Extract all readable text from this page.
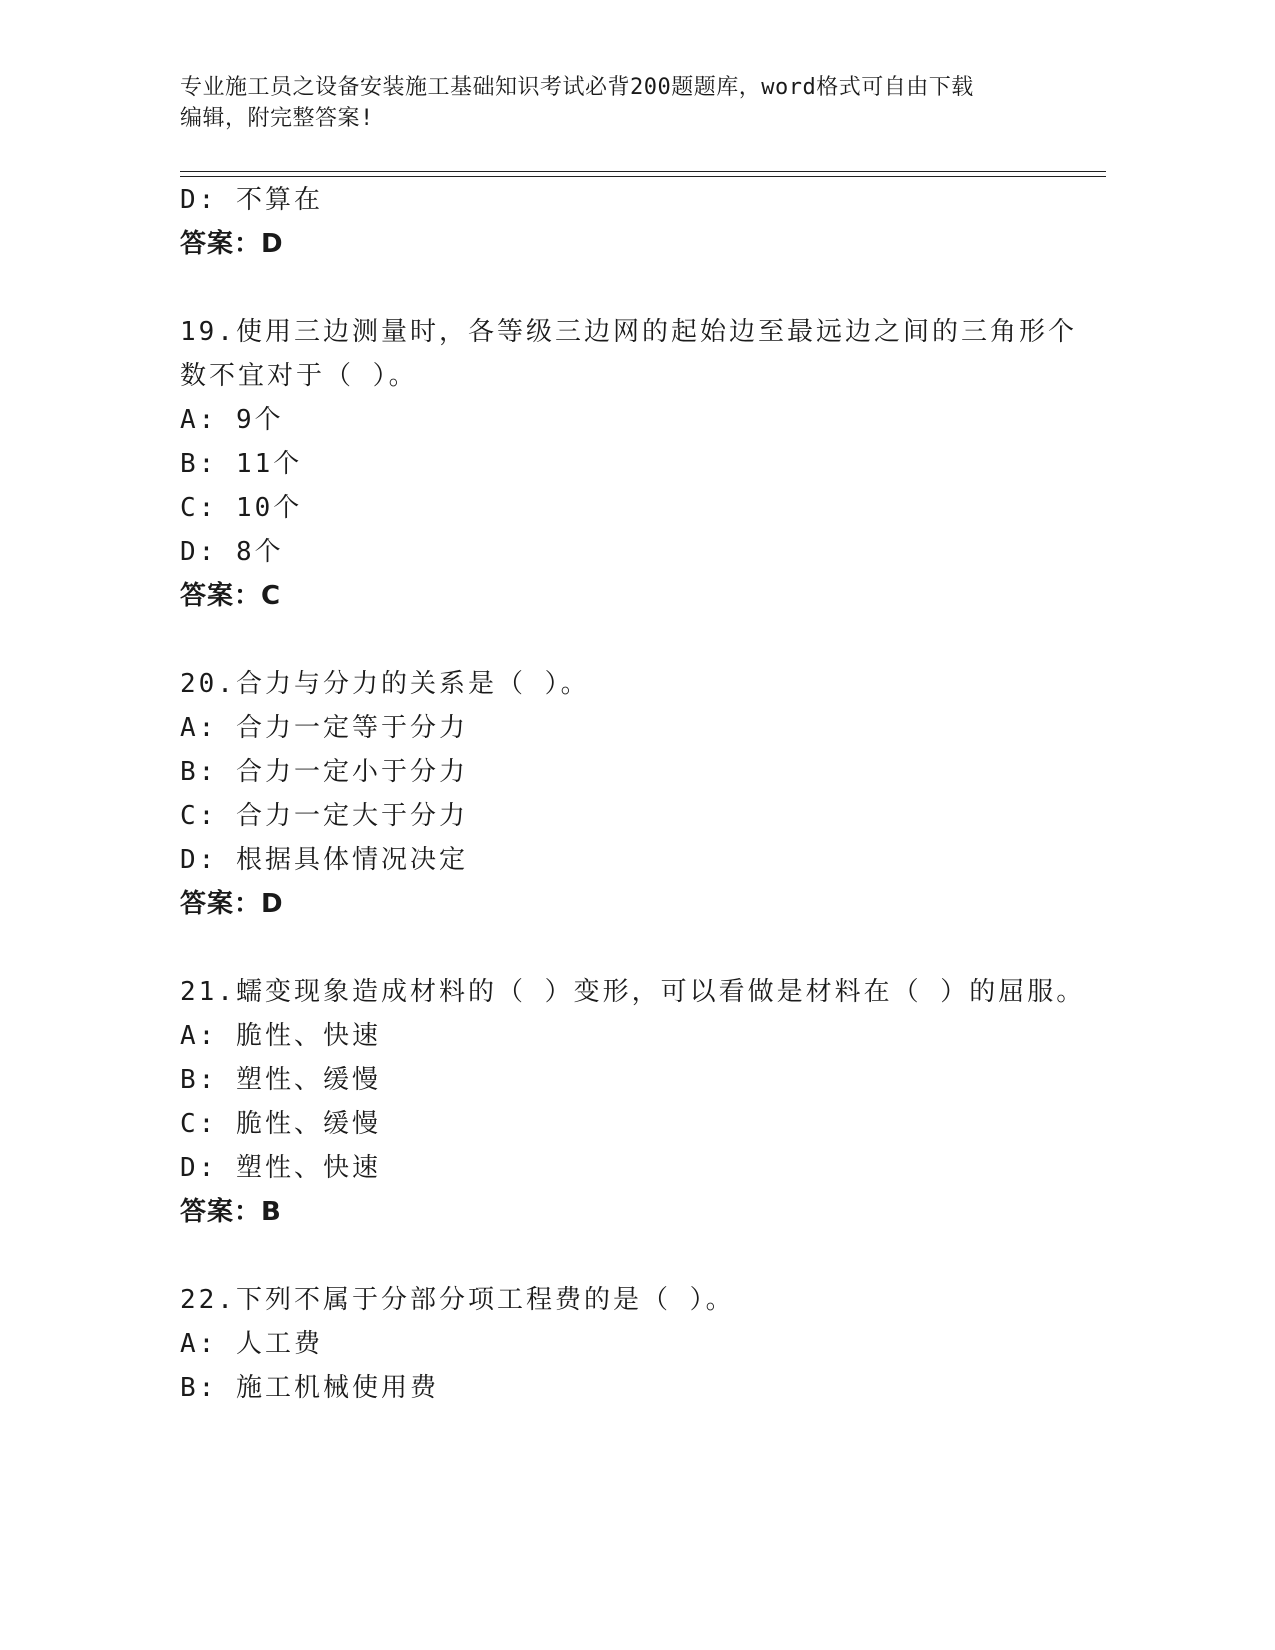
专业施工员之设备安装施工基础知识考试必背200题题库，word格式可自由下载
编辑，附完整答案!
D: 不算在
答案：D
19.使用三边测量时，各等级三边网的起始边至最远边之间的三角形个
数不宜对于（ ）。
A: 9个
B: 11个
C: 10个
D: 8个
答案：C
20.合力与分力的关系是（ ）。
A: 合力一定等于分力
B: 合力一定小于分力
C: 合力一定大于分力
D: 根据具体情况决定
答案：D
21.蠕变现象造成材料的（ ）变形，可以看做是材料在（ ）的屈服。
A: 脆性、快速
B: 塑性、缓慢
C: 脆性、缓慢
D: 塑性、快速
答案：B
22.下列不属于分部分项工程费的是（ ）。
A: 人工费
B: 施工机械使用费
